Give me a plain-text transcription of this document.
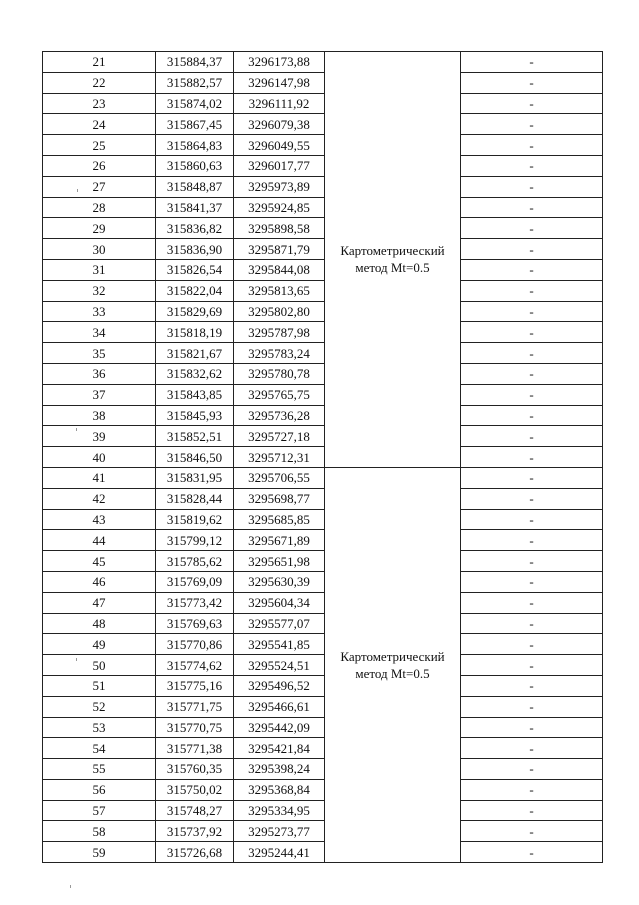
21	315884,37	3296173,88	Картометрический метод Mt=0.5	-
22	315882,57	3296147,98		-
23	315874,02	3296111,92		-
24	315867,45	3296079,38		-
25	315864,83	3296049,55		-
26	315860,63	3296017,77		-
27	315848,87	3295973,89		-
28	315841,37	3295924,85		-
29	315836,82	3295898,58		-
30	315836,90	3295871,79		-
31	315826,54	3295844,08		-
32	315822,04	3295813,65		-
33	315829,69	3295802,80		-
34	315818,19	3295787,98		-
35	315821,67	3295783,24		-
36	315832,62	3295780,78		-
37	315843,85	3295765,75		-
38	315845,93	3295736,28		-
39	315852,51	3295727,18		-
40	315846,50	3295712,31		-
41	315831,95	3295706,55	Картометрический метод Mt=0.5	-
42	315828,44	3295698,77		-
43	315819,62	3295685,85		-
44	315799,12	3295671,89		-
45	315785,62	3295651,98		-
46	315769,09	3295630,39		-
47	315773,42	3295604,34		-
48	315769,63	3295577,07		-
49	315770,86	3295541,85		-
50	315774,62	3295524,51		-
51	315775,16	3295496,52		-
52	315771,75	3295466,61		-
53	315770,75	3295442,09		-
54	315771,38	3295421,84		-
55	315760,35	3295398,24		-
56	315750,02	3295368,84		-
57	315748,27	3295334,95		-
58	315737,92	3295273,77		-
59	315726,68	3295244,41		-
